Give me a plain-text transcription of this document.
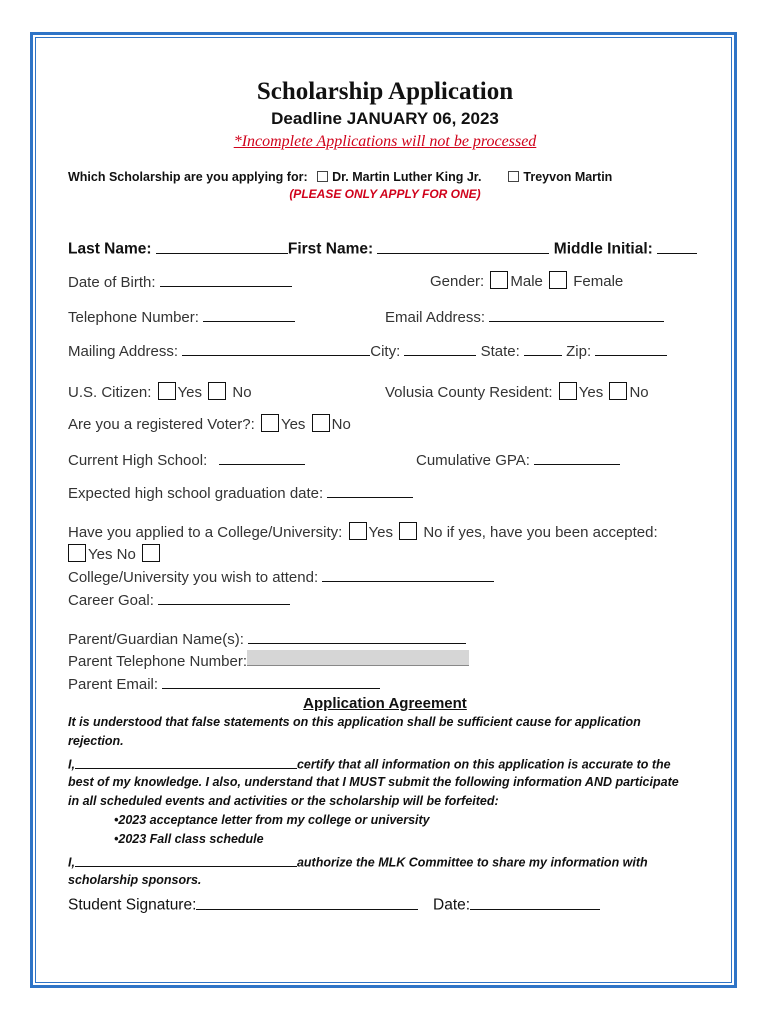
Scholarship Application
Deadline JANUARY 06, 2023
*Incomplete Applications will not be processed
Which Scholarship are you applying for: Dr. Martin Luther King Jr.	Treyvon Martin
(PLEASE ONLY APPLY FOR ONE)
Last Name:	First Name:	Middle Initial:
Date of Birth:	Gender: Male Female
Telephone Number:	Email Address:
Mailing Address:	City:	State:	Zip:
U.S. Citizen: Yes No	Volusia County Resident: Yes No
Are you a registered Voter?: Yes No
Current High School:	Cumulative GPA:
Expected high school graduation date:
Have you applied to a College/University: Yes No if yes, have you been accepted:
Yes No
College/University you wish to attend:
Career Goal:
Parent/Guardian Name(s):
Parent Telephone Number:
Parent Email:
Application Agreement
It is understood that false statements on this application shall be sufficient cause for application
rejection.
I,	certify that all information on this application is accurate to the
best of my knowledge. I also, understand that I MUST submit the following information AND participate
in all scheduled events and activities or the scholarship will be forfeited:
•2023 acceptance letter from my college or university
•2023 Fall class schedule
I,	authorize the MLK Committee to share my information with
scholarship sponsors.
Student Signature:	Date:
